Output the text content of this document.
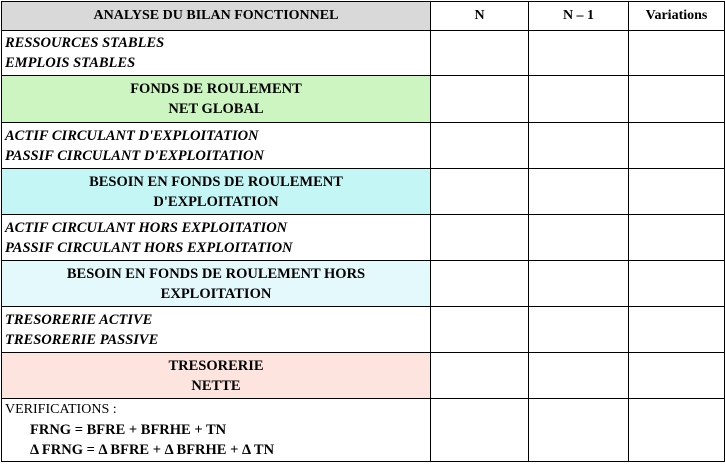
ANALYSE DU BILAN FONCTIONNEL	N	N – 1	Variations

RESSOURCES STABLES
EMPLOIS STABLES			

FONDS DE ROULEMENT
NET GLOBAL			

ACTIF CIRCULANT D'EXPLOITATION
PASSIF CIRCULANT D'EXPLOITATION			

BESOIN EN FONDS DE ROULEMENT
D'EXPLOITATION			

ACTIF CIRCULANT HORS EXPLOITATION
PASSIF CIRCULANT HORS EXPLOITATION			

BESOIN EN FONDS DE ROULEMENT HORS
EXPLOITATION			

TRESORERIE ACTIVE
TRESORERIE PASSIVE			

TRESORERIE
NETTE			

VERIFICATIONS :
FRNG = BFRE + BFRHE + TN
Δ FRNG = Δ BFRE + Δ BFRHE + Δ TN			
